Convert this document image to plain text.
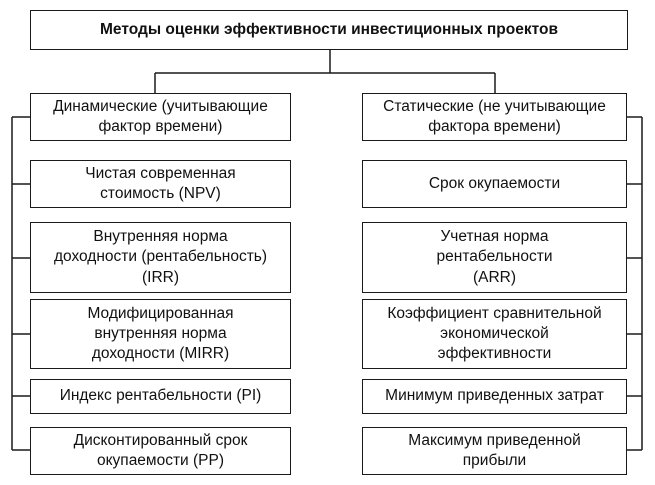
Методы оценки эффективности инвестиционных проектов
Динамические (учитывающие
фактор времени)
Чистая современная
стоимость (NPV)
Внутренняя норма
доходности (рентабельность)
(IRR)
Модифицированная
внутренняя норма
доходности (MIRR)
Индекс рентабельности (PI)
Дисконтированный срок
окупаемости (PP)
Статические (не учитывающие
фактора времени)
Срок окупаемости
Учетная норма
рентабельности
(ARR)
Коэффициент сравнительной
экономической
эффективности
Минимум приведенных затрат
Максимум приведенной
прибыли
